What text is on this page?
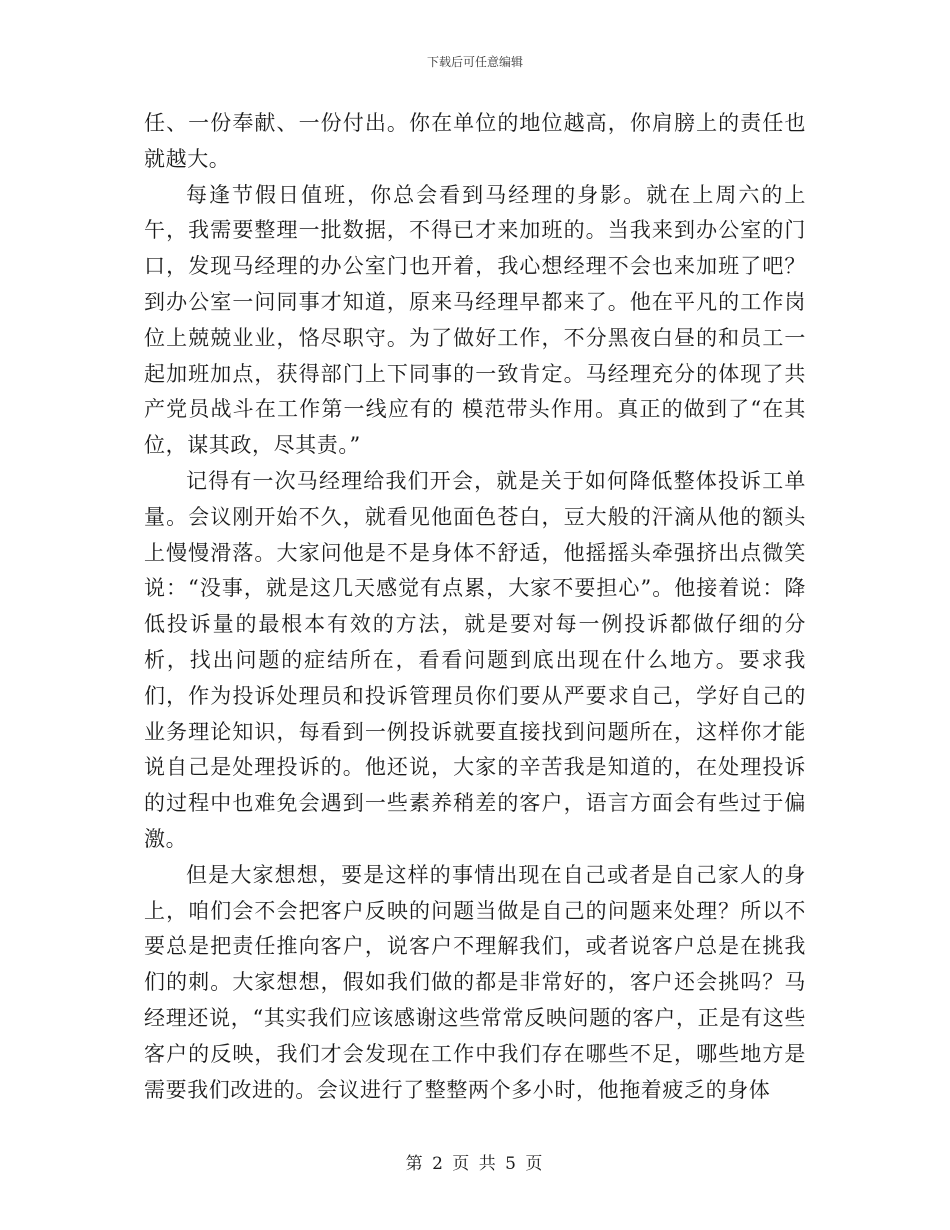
下载后可任意编辑

任、一份奉献、一份付出。你在单位的地位越高，你肩膀上的责任也就越大。

每逢节假日值班，你总会看到马经理的身影。就在上周六的上午，我需要整理一批数据，不得已才来加班的。当我来到办公室的门口，发现马经理的办公室门也开着，我心想经理不会也来加班了吧？到办公室一问同事才知道，原来马经理早都来了。他在平凡的工作岗位上兢兢业业，恪尽职守。为了做好工作，不分黑夜白昼的和员工一起加班加点，获得部门上下同事的一致肯定。马经理充分的体现了共产党员战斗在工作第一线应有的 模范带头作用。真正的做到了“在其位，谋其政，尽其责。”

记得有一次马经理给我们开会，就是关于如何降低整体投诉工单量。会议刚开始不久，就看见他面色苍白，豆大般的汗滴从他的额头上慢慢滑落。大家问他是不是身体不舒适，他摇摇头牵强挤出点微笑说：“没事，就是这几天感觉有点累，大家不要担心”。他接着说：降低投诉量的最根本有效的方法，就是要对每一例投诉都做仔细的分析，找出问题的症结所在，看看问题到底出现在什么地方。要求我们，作为投诉处理员和投诉管理员你们要从严要求自己，学好自己的业务理论知识，每看到一例投诉就要直接找到问题所在，这样你才能说自己是处理投诉的。他还说，大家的辛苦我是知道的，在处理投诉的过程中也难免会遇到一些素养稍差的客户，语言方面会有些过于偏激。

但是大家想想，要是这样的事情出现在自己或者是自己家人的身上，咱们会不会把客户反映的问题当做是自己的问题来处理？所以不要总是把责任推向客户，说客户不理解我们，或者说客户总是在挑我们的刺。大家想想，假如我们做的都是非常好的，客户还会挑吗？马经理还说，“其实我们应该感谢这些常常反映问题的客户，正是有这些客户的反映，我们才会发现在工作中我们存在哪些不足，哪些地方是需要我们改进的。会议进行了整整两个多小时，他拖着疲乏的身体

第 2 页 共 5 页
